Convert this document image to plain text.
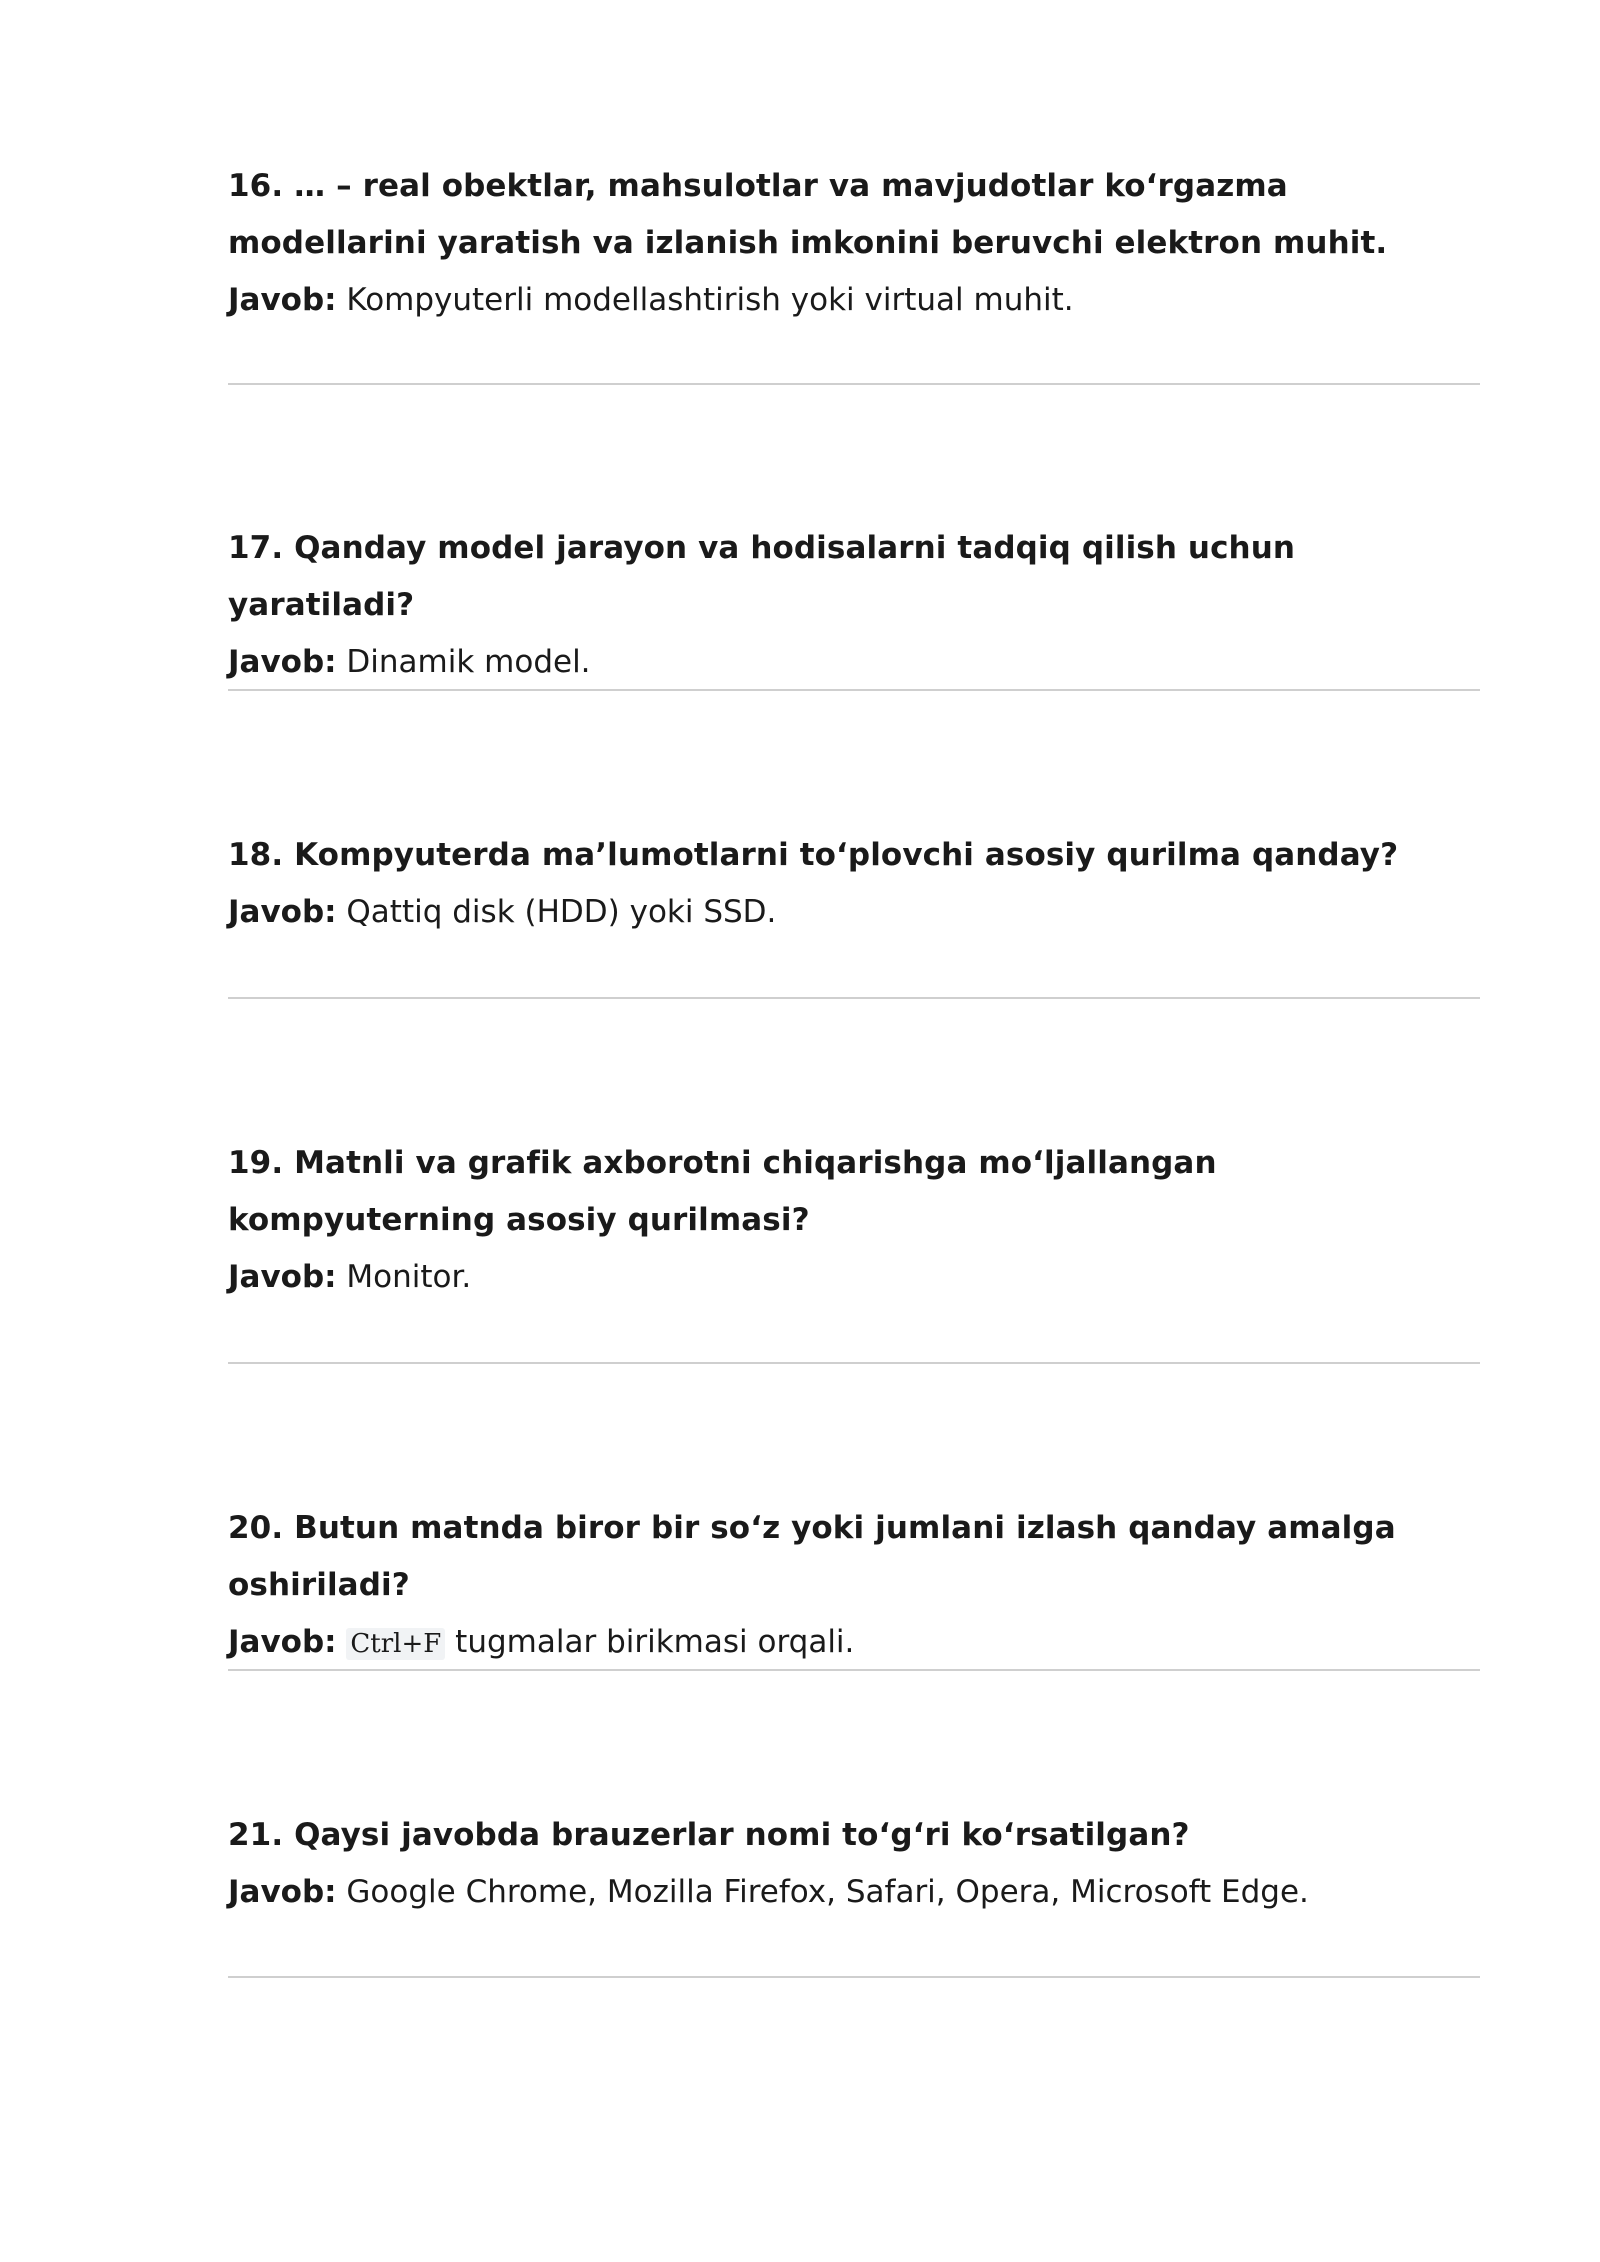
16. … – real obektlar, mahsulotlar va mavjudotlar ko‘rgazma modellarini yaratish va izlanish imkonini beruvchi elektron muhit.

Javob: Kompyuterli modellashtirish yoki virtual muhit.

17. Qanday model jarayon va hodisalarni tadqiq qilish uchun yaratiladi?

Javob: Dinamik model.

18. Kompyuterda ma’lumotlarni to‘plovchi asosiy qurilma qanday?

Javob: Qattiq disk (HDD) yoki SSD.

19. Matnli va grafik axborotni chiqarishga mo‘ljallangan kompyuterning asosiy qurilmasi?

Javob: Monitor.

20. Butun matnda biror bir so‘z yoki jumlani izlash qanday amalga oshiriladi?

Javob: Ctrl+F tugmalar birikmasi orqali.

21. Qaysi javobda brauzerlar nomi to‘g‘ri ko‘rsatilgan?

Javob: Google Chrome, Mozilla Firefox, Safari, Opera, Microsoft Edge.
